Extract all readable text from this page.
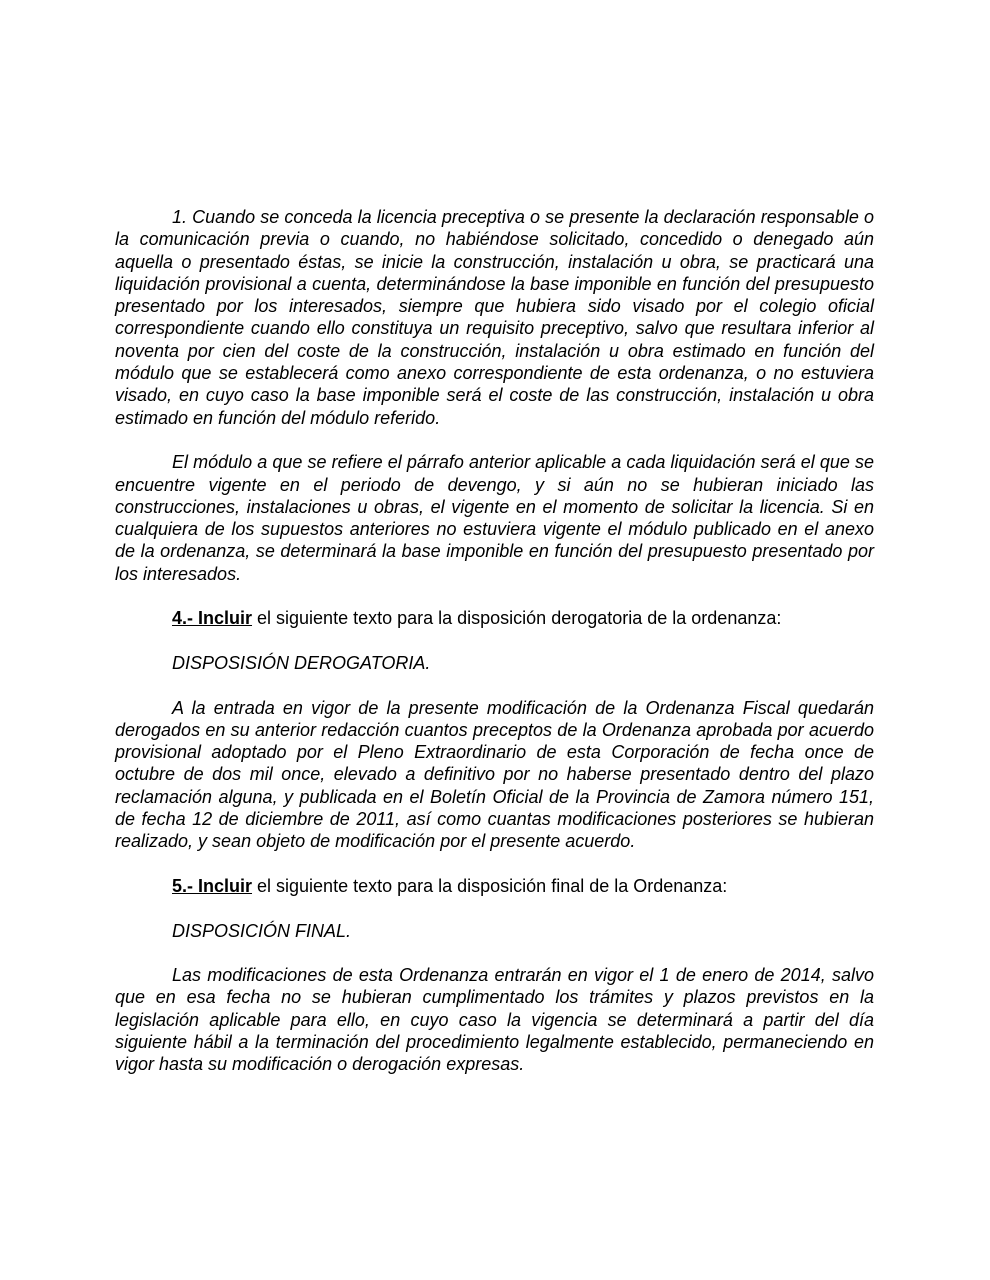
1. Cuando se conceda la licencia preceptiva o se presente la declaración responsable o la comunicación previa o cuando, no habiéndose solicitado, concedido o denegado aún aquella o presentado éstas, se inicie la construcción, instalación u obra, se practicará una liquidación provisional a cuenta, determinándose la base imponible en función del presupuesto presentado por los interesados, siempre que hubiera sido visado por el colegio oficial correspondiente cuando ello constituya un requisito preceptivo, salvo que resultara inferior al noventa por cien del coste de la construcción, instalación u obra estimado en función del módulo que se establecerá como anexo correspondiente de esta ordenanza, o no estuviera visado, en cuyo caso la base imponible será el coste de las construcción, instalación u obra estimado en función del módulo referido.

El módulo a que se refiere el párrafo anterior aplicable a cada liquidación será el que se encuentre vigente en el periodo de devengo, y si aún no se hubieran iniciado las construcciones, instalaciones u obras, el vigente en el momento de solicitar la licencia. Si en cualquiera de los supuestos anteriores no estuviera vigente el módulo publicado en el anexo de la ordenanza, se determinará la base imponible en función del presupuesto presentado por los interesados.

4.- Incluir el siguiente texto para la disposición derogatoria de la ordenanza:

DISPOSISIÓN DEROGATORIA.

A la entrada en vigor de la presente modificación de la Ordenanza Fiscal quedarán derogados en su anterior redacción cuantos preceptos de la Ordenanza aprobada por acuerdo provisional adoptado por el Pleno Extraordinario de esta Corporación de fecha once de octubre de dos mil once, elevado a definitivo por no haberse presentado dentro del plazo reclamación alguna, y publicada en el Boletín Oficial de la Provincia de Zamora número 151, de fecha 12 de diciembre de 2011, así como cuantas modificaciones posteriores se hubieran realizado, y sean objeto de modificación por el presente acuerdo.

5.- Incluir el siguiente texto para la disposición final de la Ordenanza:

DISPOSICIÓN FINAL.

Las modificaciones de esta Ordenanza entrarán en vigor el 1 de enero de 2014, salvo que en esa fecha no se hubieran cumplimentado los trámites y plazos previstos en la legislación aplicable para ello, en cuyo caso la vigencia se determinará a partir del día siguiente hábil a la terminación del procedimiento legalmente establecido, permaneciendo en vigor hasta su modificación o derogación expresas.
